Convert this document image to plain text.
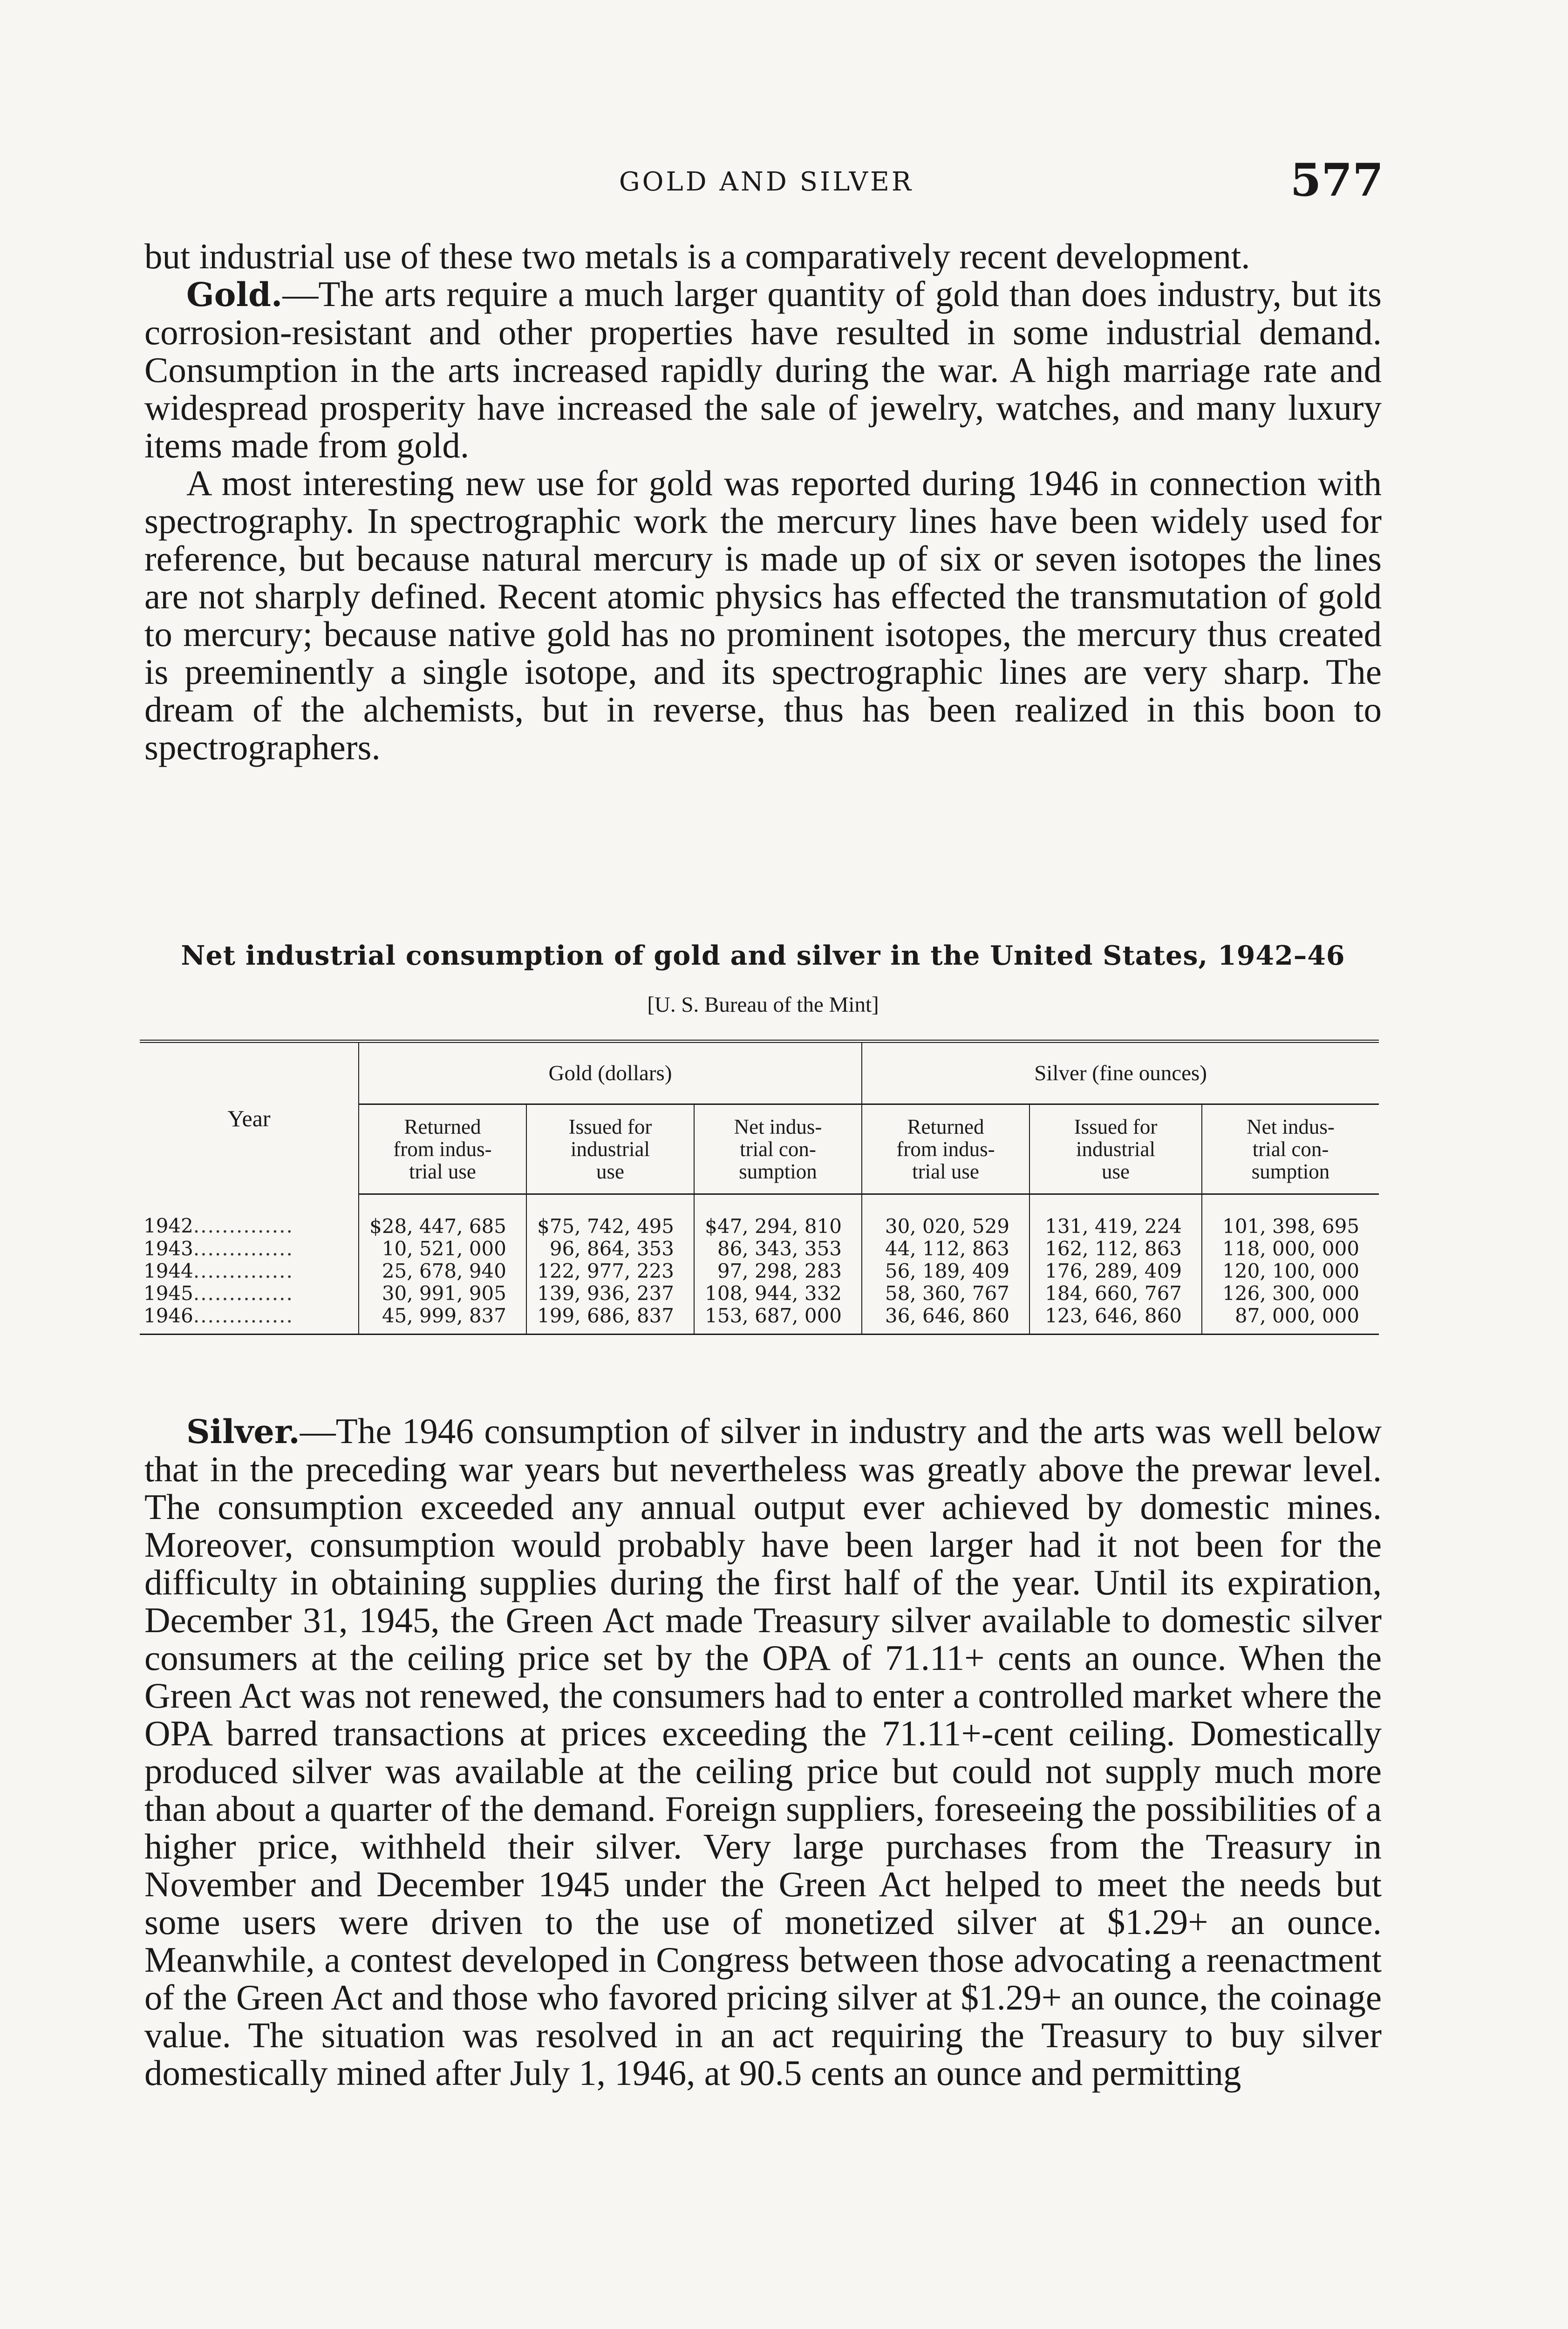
GOLD AND SILVER	577

but industrial use of these two metals is a comparatively recent development.

Gold.—The arts require a much larger quantity of gold than does industry, but its corrosion-resistant and other properties have resulted in some industrial demand. Consumption in the arts increased rapidly during the war. A high marriage rate and widespread prosperity have increased the sale of jewelry, watches, and many luxury items made from gold.

A most interesting new use for gold was reported during 1946 in connection with spectrography. In spectrographic work the mercury lines have been widely used for reference, but because natural mercury is made up of six or seven isotopes the lines are not sharply defined. Recent atomic physics has effected the transmutation of gold to mercury; because native gold has no prominent isotopes, the mercury thus created is preeminently a single isotope, and its spectrographic lines are very sharp. The dream of the alchemists, but in reverse, thus has been realized in this boon to spectrographers.

Net industrial consumption of gold and silver in the United States, 1942–46
[U. S. Bureau of the Mint]
Year	Gold (dollars)			Silver (fine ounces)		
	Returned
from indus-
trial use	Issued for
industrial
use	Net indus-
trial con-
sumption	Returned
from indus-
trial use	Issued for
industrial
use	Net indus-
trial con-
sumption
1942..............	$28, 447, 685	$75, 742, 495	$47, 294, 810	30, 020, 529	131, 419, 224	101, 398, 695
1943..............	10, 521, 000	96, 864, 353	86, 343, 353	44, 112, 863	162, 112, 863	118, 000, 000
1944..............	25, 678, 940	122, 977, 223	97, 298, 283	56, 189, 409	176, 289, 409	120, 100, 000
1945..............	30, 991, 905	139, 936, 237	108, 944, 332	58, 360, 767	184, 660, 767	126, 300, 000
1946..............	45, 999, 837	199, 686, 837	153, 687, 000	36, 646, 860	123, 646, 860	87, 000, 000

Silver.—The 1946 consumption of silver in industry and the arts was well below that in the preceding war years but nevertheless was greatly above the prewar level. The consumption exceeded any annual output ever achieved by domestic mines. Moreover, consumption would probably have been larger had it not been for the difficulty in obtaining supplies during the first half of the year. Until its expiration, December 31, 1945, the Green Act made Treasury silver available to domestic silver consumers at the ceiling price set by the OPA of 71.11+ cents an ounce. When the Green Act was not renewed, the consumers had to enter a controlled market where the OPA barred transactions at prices exceeding the 71.11+-cent ceiling. Domestically produced silver was available at the ceiling price but could not supply much more than about a quarter of the demand. Foreign suppliers, foreseeing the possibilities of a higher price, withheld their silver. Very large purchases from the Treasury in November and December 1945 under the Green Act helped to meet the needs but some users were driven to the use of monetized silver at $1.29+ an ounce. Meanwhile, a contest developed in Congress between those advocating a reenactment of the Green Act and those who favored pricing silver at $1.29+ an ounce, the coinage value. The situation was resolved in an act requiring the Treasury to buy silver domestically mined after July 1, 1946, at 90.5 cents an ounce and permitting
